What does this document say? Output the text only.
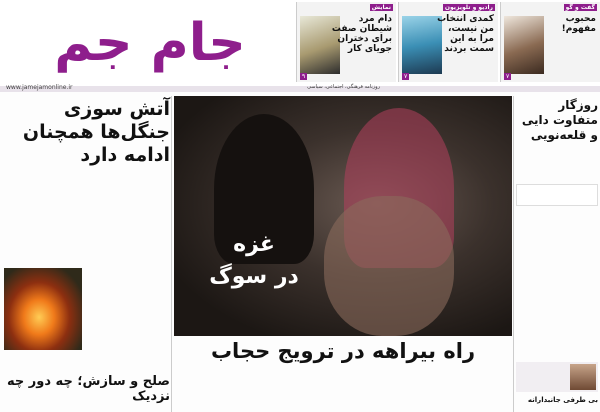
جام جم
نمایش
دام مرد شیطان صفت برای دختران جویای کار
۹
رادیو و تلویزیون
کمدی انتخاب من نیست، مرا به این سمت بردند
۷
گفت و گو
محبوب مفهوم!
۷
www.jamejamonline.ir	روزنامه فرهنگی، اجتماعی، سیاسی
آتش سوزی جنگل‌ها همچنان ادامه دارد
صلح و سازش؛ چه دور چه نزدیک
غزه
در سوگ
راه بیراهه در ترویج حجاب
روزگار متفاوت دایی و قلعه‌نویی
بی طرفی جانبدارانه
